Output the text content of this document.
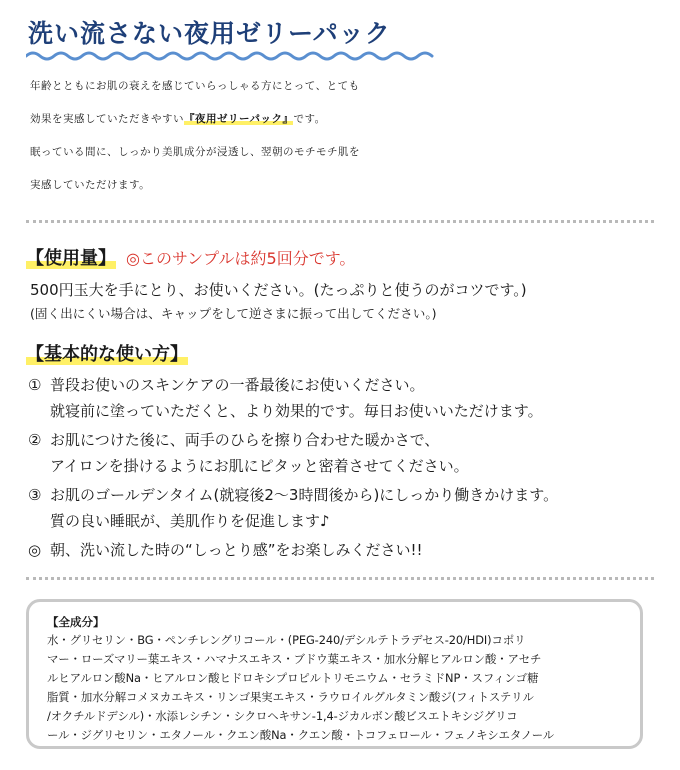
洗い流さない夜用ゼリーパック

年齢とともにお肌の衰えを感じていらっしゃる方にとって、とても

効果を実感していただきやすい『夜用ゼリーパック』です。

眠っている間に、しっかり美肌成分が浸透し、翌朝のモチモチ肌を

実感していただけます。

【使用量】 ◎このサンプルは約5回分です。
500円玉大を手にとり、お使いください。(たっぷりと使うのがコツです。)
(固く出にくい場合は、キャップをして逆さまに振って出してください。)
【基本的な使い方】
① 普段お使いのスキンケアの一番最後にお使いください。
就寝前に塗っていただくと、より効果的です。毎日お使いいただけます。
② お肌につけた後に、両手のひらを擦り合わせた暖かさで、
アイロンを掛けるようにお肌にピタッと密着させてください。
③ お肌のゴールデンタイム(就寝後2〜3時間後から)にしっかり働きかけます。
質の良い睡眠が、美肌作りを促進します♪
◎ 朝、洗い流した時の“しっとり感”をお楽しみください!!
【全成分】
水・グリセリン・BG・ペンチレングリコール・(PEG-240/デシルテトラデセス-20/HDI)コポリ
マー・ローズマリー葉エキス・ハマナスエキス・ブドウ葉エキス・加水分解ヒアルロン酸・アセチ
ルヒアルロン酸Na・ヒアルロン酸ヒドロキシプロピルトリモニウム・セラミドNP・スフィンゴ糖
脂質・加水分解コメヌカエキス・リンゴ果実エキス・ラウロイルグルタミン酸ジ(フィトステリル
/オクチルドデシル)・水添レシチン・シクロヘキサン-1,4-ジカルボン酸ビスエトキシジグリコ
ール・ジグリセリン・エタノール・クエン酸Na・クエン酸・トコフェロール・フェノキシエタノール
